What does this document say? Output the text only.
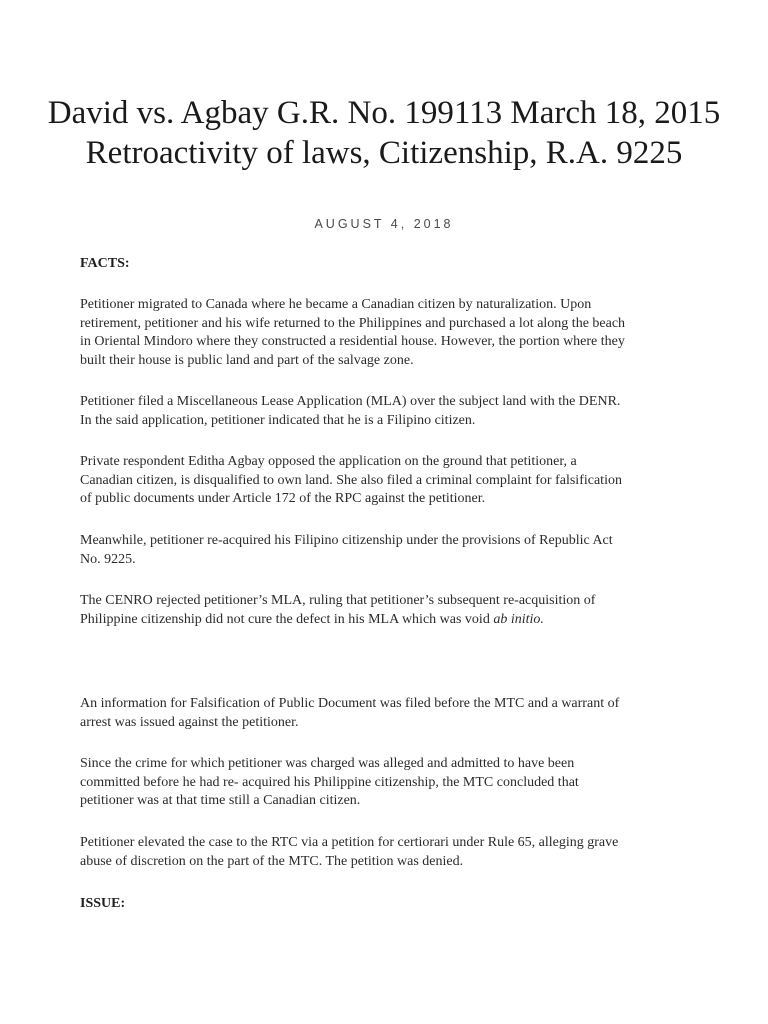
David vs. Agbay G.R. No. 199113 March 18, 2015 Retroactivity of laws, Citizenship, R.A. 9225
AUGUST 4, 2018
FACTS:

Petitioner migrated to Canada where he became a Canadian citizen by naturalization. Upon
retirement, petitioner and his wife returned to the Philippines and purchased a lot along the beach
in Oriental Mindoro where they constructed a residential house. However, the portion where they
built their house is public land and part of the salvage zone.

Petitioner filed a Miscellaneous Lease Application (MLA) over the subject land with the DENR.
In the said application, petitioner indicated that he is a Filipino citizen.

Private respondent Editha Agbay opposed the application on the ground that petitioner, a
Canadian citizen, is disqualified to own land. She also filed a criminal complaint for falsification
of public documents under Article 172 of the RPC against the petitioner.

Meanwhile, petitioner re-acquired his Filipino citizenship under the provisions of Republic Act
No. 9225.

The CENRO rejected petitioner’s MLA, ruling that petitioner’s subsequent re-acquisition of
Philippine citizenship did not cure the defect in his MLA which was void ab initio.

An information for Falsification of Public Document was filed before the MTC and a warrant of
arrest was issued against the petitioner.

Since the crime for which petitioner was charged was alleged and admitted to have been
committed before he had re- acquired his Philippine citizenship, the MTC concluded that
petitioner was at that time still a Canadian citizen.

Petitioner elevated the case to the RTC via a petition for certiorari under Rule 65, alleging grave
abuse of discretion on the part of the MTC. The petition was denied.

ISSUE:
